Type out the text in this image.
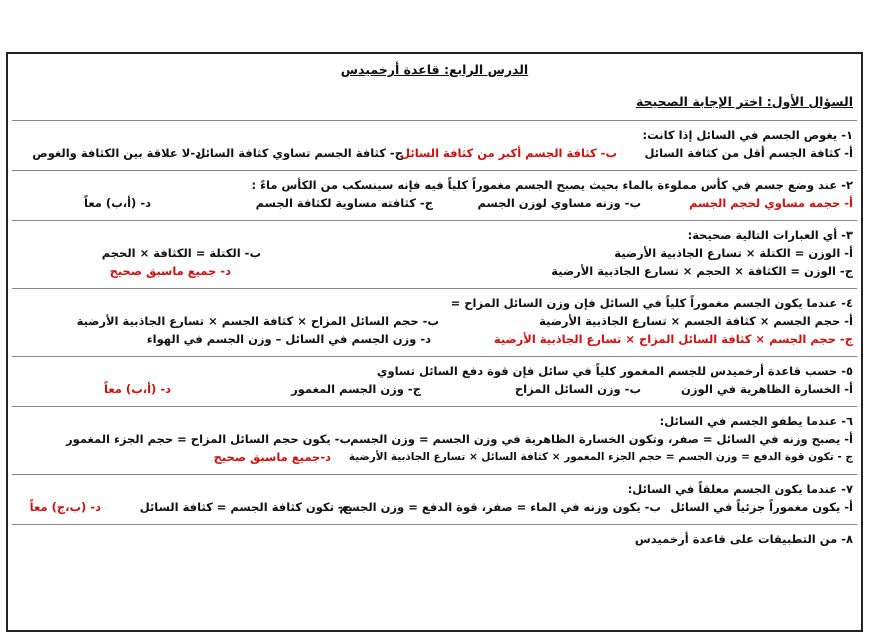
الدرس الرابع: قاعدة أرخميدس
السؤال الأول: اختر الإجابة الصحيحة
١- يغوص الجسم في السائل إذا كانت:
أ- كثافة الجسم أقل من كثافة السائل
ب- كثافة الجسم أكبر من كثافة السائل
ج- كثافة الجسم تساوي كثافة السائل
د-لا علاقة بين الكثافة والغوص
٢- عند وضع جسم في كأس مملوءة بالماء بحيث يصبح الجسم مغموراً كلياً فيه فإنه سينسكب من الكأس ماءً :
أ- حجمه مساوي لحجم الجسم
ب- وزنه مساوي لوزن الجسم
ج- كثافته مساوية لكثافة الجسم
د- (أ،ب) معاً
٣- أي العبارات التالية صحيحة:
أ- الوزن = الكتلة × تسارع الجاذبية الأرضية
ب- الكتلة = الكثافة × الحجم
ج- الوزن = الكثافة × الحجم × تسارع الجاذبية الأرضية
د- جميع ماسبق صحيح
٤- عندما يكون الجسم مغموراً كلياً في السائل فإن وزن السائل المزاح =
أ- حجم الجسم × كثافة الجسم × تسارع الجاذبية الأرضية
ب- حجم السائل المزاح × كثافة الجسم × تسارع الجاذبية الأرضية
ج- حجم الجسم × كثافة السائل المزاح × تسارع الجاذبية الأرضية
د- وزن الجسم في السائل – وزن الجسم في الهواء
٥- حسب قاعدة أرخميدس للجسم المغمور كلياً في سائل فإن قوة دفع السائل تساوي
أ- الخسارة الظاهرية في الوزن
ب- وزن السائل المزاح
ج- وزن الجسم المغمور
د- (أ،ب) معاً
٦- عندما يطفو الجسم في السائل:
أ- يصبح وزنه في السائل = صفر، وتكون الخسارة الظاهرية في وزن الجسم = وزن الجسم
ب- يكون حجم السائل المزاح = حجم الجزء المغمور
ج - تكون قوة الدفع = وزن الجسم = حجم الجزء المغمور × كثافة السائل × تسارع الجاذبية الأرضية
د-جميع ماسبق صحيح
٧- عندما يكون الجسم معلقاً في السائل:
أ- يكون مغموراً جزئياً في السائل
ب- يكون وزنه في الماء = صفر، قوة الدفع = وزن الجسم
ج- تكون كثافة الجسم = كثافة السائل
د- (ب،ج) معاً
٨- من التطبيقات على قاعدة أرخميدس
